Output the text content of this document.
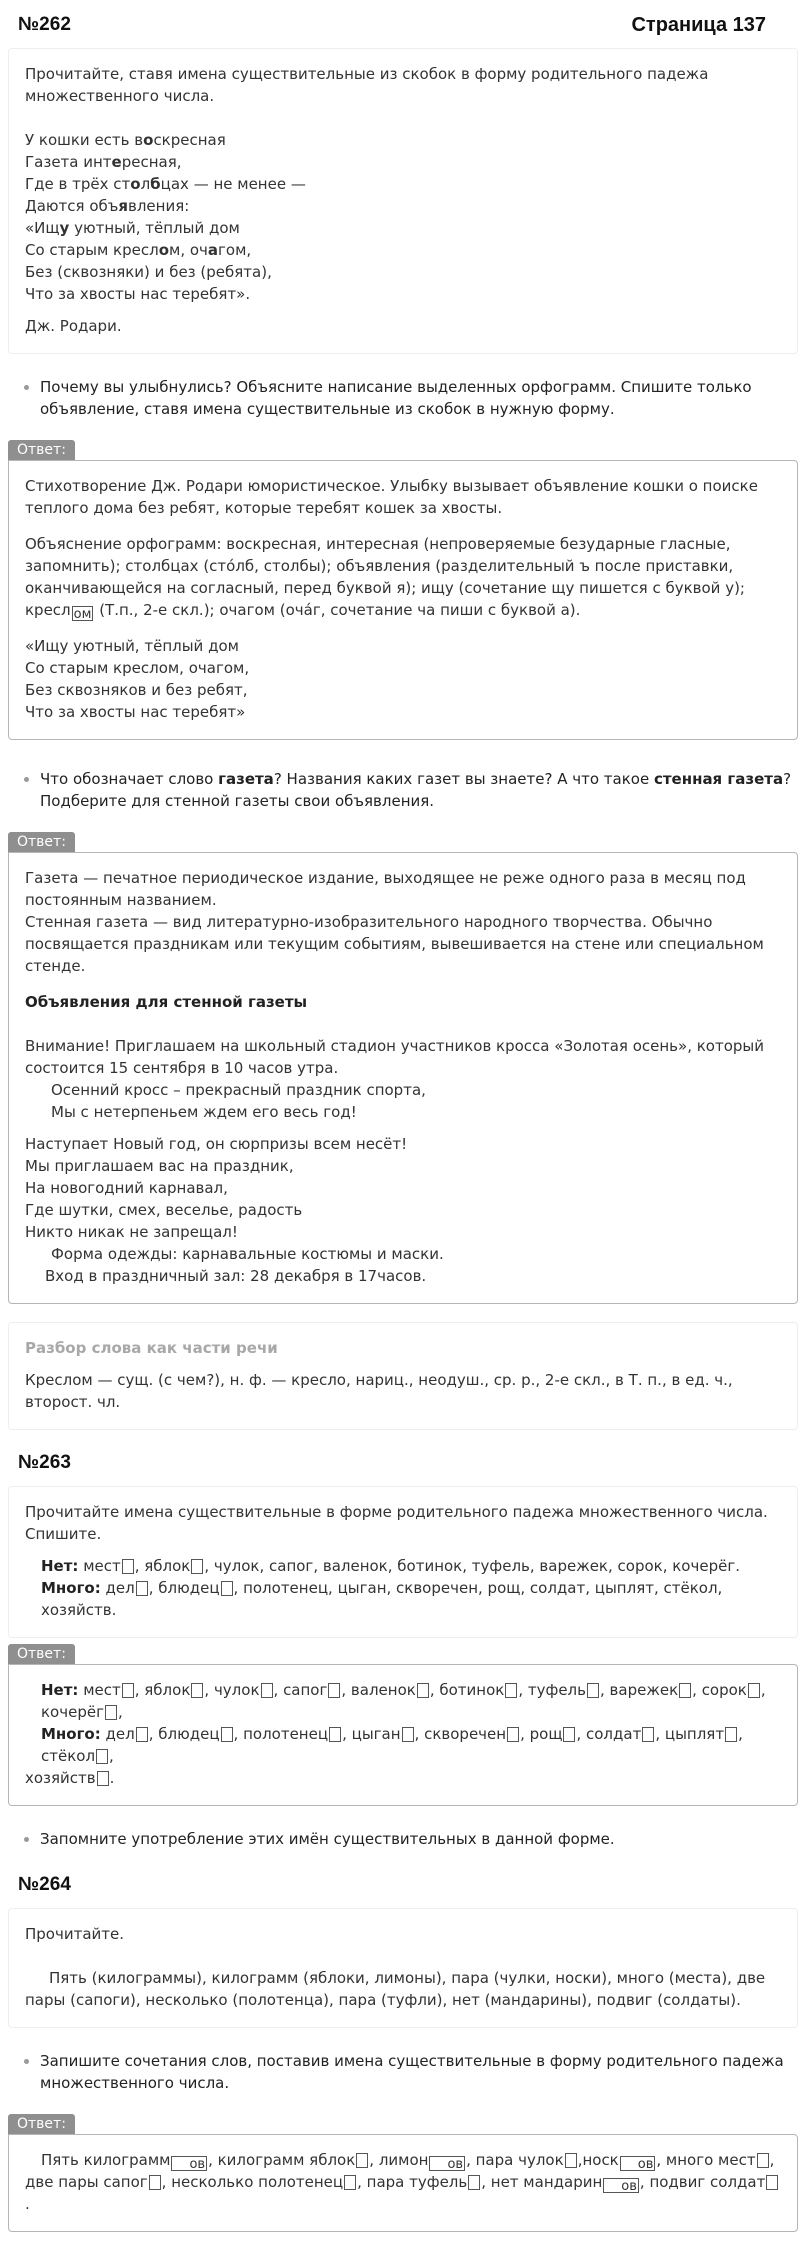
Страница 137
№262

Прочитайте, ставя имена существительные из скобок в форму родительного падежа множественного числа.

У кошки есть воскресная
Газета интересная,
Где в трёх столбцах — не менее —
Даются объявления:
«Ищу уютный, тёплый дом
Со старым креслом, очагом,
Без (сквозняки) и без (ребята),
Что за хвосты нас теребят».

Дж. Родари.

Почему вы улыбнулись? Объясните написание выделенных орфограмм. Спишите только объявление, ставя имена существительные из скобок в нужную форму.
Ответ:

Стихотворение Дж. Родари юмористическое. Улыбку вызывает объявление кошки о поиске теплого дома без ребят, которые теребят кошек за хвосты.

Объяснение орфограмм: воскресная, интересная (непроверяемые безударные гласные, запомнить); столбцах (сто́лб, столбы); объявления (разделительный ъ после приставки, оканчивающейся на согласный, перед буквой я); ищу (сочетание щу пишется с буквой у); кресл ом (Т.п., 2-е скл.); очагом (оча́г, сочетание ча пиши с буквой а).

«Ищу уютный, тёплый дом
Со старым креслом, очагом,
Без сквозняков и без ребят,
Что за хвосты нас теребят»
Что обозначает слово газета? Названия каких газет вы знаете? А что такое стенная газета? Подберите для стенной газеты свои объявления.
Ответ:

Газета — печатное периодическое издание, выходящее не реже одного раза в месяц под постоянным названием.

Стенная газета — вид литературно-изобразительного народного творчества. Обычно посвящается праздникам или текущим событиям, вывешивается на стене или специальном стенде.

Объявления для стенной газеты

Внимание! Приглашаем на школьный стадион участников кросса «Золотая осень», который состоится 15 сентября в 10 часов утра.

Осенний кросс – прекрасный праздник спорта,

Мы с нетерпеньем ждем его весь год!

Наступает Новый год, он сюрпризы всем несёт!

Мы приглашаем вас на праздник,

На новогодний карнавал,

Где шутки, смех, веселье, радость

Никто никак не запрещал!

Форма одежды: карнавальные костюмы и маски.

Вход в праздничный зал: 28 декабря в 17часов.

Разбор слова как части речи

Креслом — сущ. (с чем?), н. ф. — кресло, нариц., неодуш., ср. р., 2-е скл., в Т. п., в ед. ч., второст. чл.

№263

Прочитайте имена существительные в форме родительного падежа множественного числа. Спишите.

Нет: мест , яблок , чулок, сапог, валенок, ботинок, туфель, варежек, сорок, кочерёг.
Много: дел , блюдец , полотенец, цыган, скворечен, рощ, солдат, цыплят, стёкол, хозяйств.
Ответ:
Нет: мест , яблок , чулок , сапог , валенок , ботинок , туфель , варежек , сорок , кочерёг ,
Много: дел , блюдец , полотенец , цыган , скворечен , рощ , солдат , цыплят , стёкол ,
хозяйств .
Запомните употребление этих имён существительных в данной форме.
№264

Прочитайте.

Пять (килограммы), килограмм (яблоки, лимоны), пара (чулки, носки), много (места), две пары (сапоги), несколько (полотенца), пара (туфли), нет (мандарины), подвиг (солдаты).

Запишите сочетания слов, поставив имена существительные в форму родительного падежа множественного числа.
Ответ:

Пять килограмм ов , килограмм яблок , лимон ов , пара чулок ,носк ов , много мест , две пары сапог , несколько полотенец , пара туфель , нет мандарин ов , подвиг солдат.
